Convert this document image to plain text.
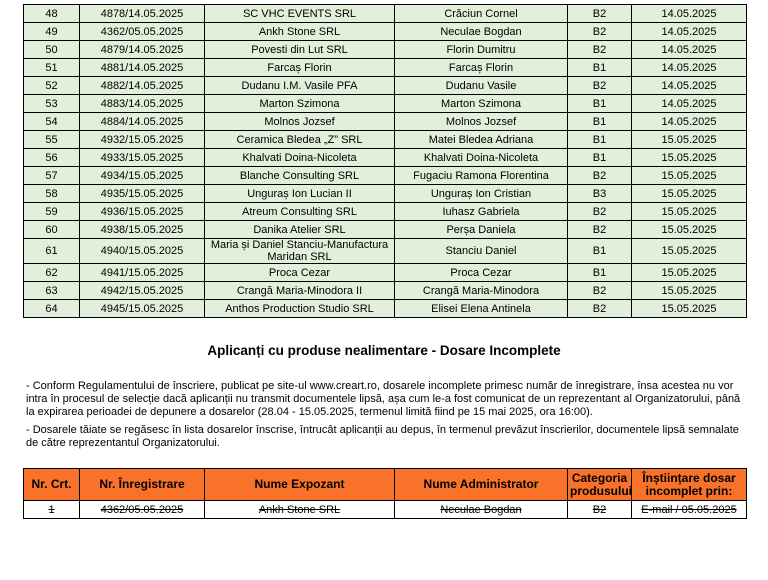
48	4878/14.05.2025	SC VHC EVENTS SRL	Crăciun Cornel	B2	14.05.2025
49	4362/05.05.2025	Ankh Stone SRL	Neculae Bogdan	B2	14.05.2025
50	4879/14.05.2025	Povesti din Lut SRL	Florin Dumitru	B2	14.05.2025
51	4881/14.05.2025	Farcaș Florin	Farcaș Florin	B1	14.05.2025
52	4882/14.05.2025	Dudanu I.M. Vasile PFA	Dudanu Vasile	B2	14.05.2025
53	4883/14.05.2025	Marton Szimona	Marton Szimona	B1	14.05.2025
54	4884/14.05.2025	Molnos Jozsef	Molnos Jozsef	B1	14.05.2025
55	4932/15.05.2025	Ceramica Bledea „Z” SRL	Matei Bledea Adriana	B1	15.05.2025
56	4933/15.05.2025	Khalvati Doina-Nicoleta	Khalvati Doina-Nicoleta	B1	15.05.2025
57	4934/15.05.2025	Blanche Consulting SRL	Fugaciu Ramona Florentina	B2	15.05.2025
58	4935/15.05.2025	Unguraș Ion Lucian II	Unguraș Ion Cristian	B3	15.05.2025
59	4936/15.05.2025	Atreum Consulting SRL	Iuhasz Gabriela	B2	15.05.2025
60	4938/15.05.2025	Danika Atelier SRL	Perșa Daniela	B2	15.05.2025
61	4940/15.05.2025	Maria și Daniel Stanciu-Manufactura Maridan SRL	Stanciu Daniel	B1	15.05.2025
62	4941/15.05.2025	Proca Cezar	Proca Cezar	B1	15.05.2025
63	4942/15.05.2025	Crangă Maria-Minodora II	Crangă Maria-Minodora	B2	15.05.2025
64	4945/15.05.2025	Anthos Production Studio SRL	Elisei Elena Antinela	B2	15.05.2025
Aplicanți cu produse nealimentare - Dosare Incomplete
- Conform Regulamentului de înscriere, publicat pe site-ul www.creart.ro, dosarele incomplete primesc număr de înregistrare, însa acestea nu vor intra în procesul de selecție dacă aplicanții nu transmit documentele lipsă, așa cum le-a fost comunicat de un reprezentant al Organizatorului, până la expirarea perioadei de depunere a dosarelor (28.04 - 15.05.2025, termenul limită fiind pe 15 mai 2025, ora 16:00).
- Dosarele tăiate se regăsesc în lista dosarelor înscrise, întrucât aplicanții au depus, în termenul prevăzut înscrierilor, documentele lipsă semnalate de către reprezentantul Organizatorului.
Nr. Crt.	Nr. Înregistrare	Nume Expozant	Nume Administrator	Categoria produsului	Înștiințare dosar incomplet prin:
1	4362/05.05.2025	Ankh Stone SRL	Neculae Bogdan	B2	E-mail / 05.05.2025
